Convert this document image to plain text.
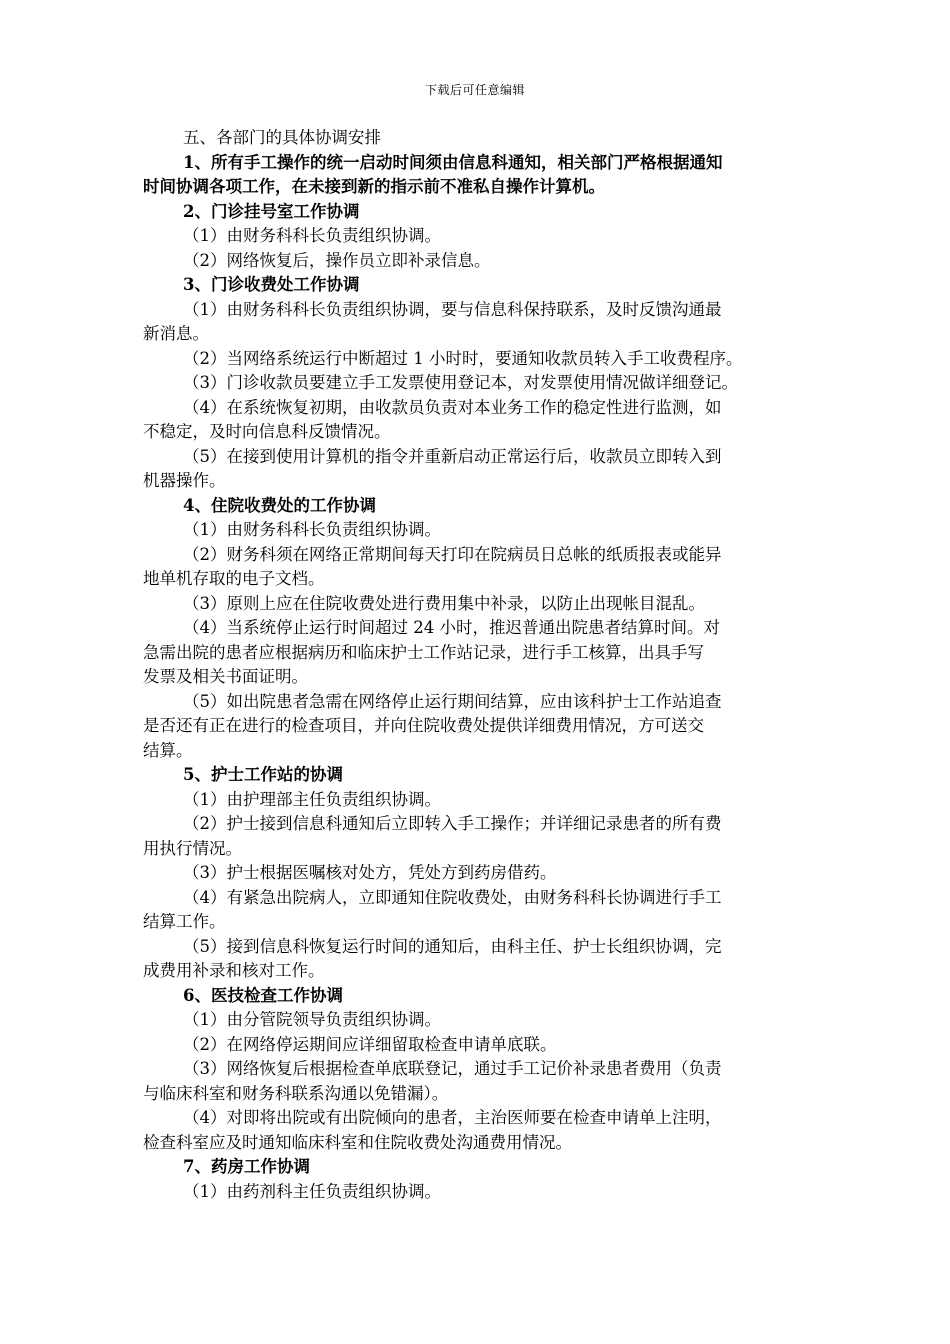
下载后可任意编辑
五、各部门的具体协调安排
1、所有手工操作的统一启动时间须由信息科通知，相关部门严格根据通知
时间协调各项工作，在未接到新的指示前不准私自操作计算机。
2、门诊挂号室工作协调
（1）由财务科科长负责组织协调。
（2）网络恢复后，操作员立即补录信息。
3、门诊收费处工作协调
（1）由财务科科长负责组织协调，要与信息科保持联系，及时反馈沟通最
新消息。
（2）当网络系统运行中断超过 1 小时时，要通知收款员转入手工收费程序。
（3）门诊收款员要建立手工发票使用登记本，对发票使用情况做详细登记。
（4）在系统恢复初期，由收款员负责对本业务工作的稳定性进行监测，如
不稳定，及时向信息科反馈情况。
（5）在接到使用计算机的指令并重新启动正常运行后，收款员立即转入到
机器操作。
4、住院收费处的工作协调
（1）由财务科科长负责组织协调。
（2）财务科须在网络正常期间每天打印在院病员日总帐的纸质报表或能异
地单机存取的电子文档。
（3）原则上应在住院收费处进行费用集中补录，以防止出现帐目混乱。
（4）当系统停止运行时间超过 24 小时，推迟普通出院患者结算时间。对
急需出院的患者应根据病历和临床护士工作站记录，进行手工核算，出具手写
发票及相关书面证明。
（5）如出院患者急需在网络停止运行期间结算，应由该科护士工作站追查
是否还有正在进行的检查项目，并向住院收费处提供详细费用情况，方可送交
结算。
5、护士工作站的协调
（1）由护理部主任负责组织协调。
（2）护士接到信息科通知后立即转入手工操作；并详细记录患者的所有费
用执行情况。
（3）护士根据医嘱核对处方，凭处方到药房借药。
（4）有紧急出院病人，立即通知住院收费处，由财务科科长协调进行手工
结算工作。
（5）接到信息科恢复运行时间的通知后，由科主任、护士长组织协调，完
成费用补录和核对工作。
6、医技检查工作协调
（1）由分管院领导负责组织协调。
（2）在网络停运期间应详细留取检查申请单底联。
（3）网络恢复后根据检查单底联登记，通过手工记价补录患者费用（负责
与临床科室和财务科联系沟通以免错漏）。
（4）对即将出院或有出院倾向的患者，主治医师要在检查申请单上注明，
检查科室应及时通知临床科室和住院收费处沟通费用情况。
7、药房工作协调
（1）由药剂科主任负责组织协调。
